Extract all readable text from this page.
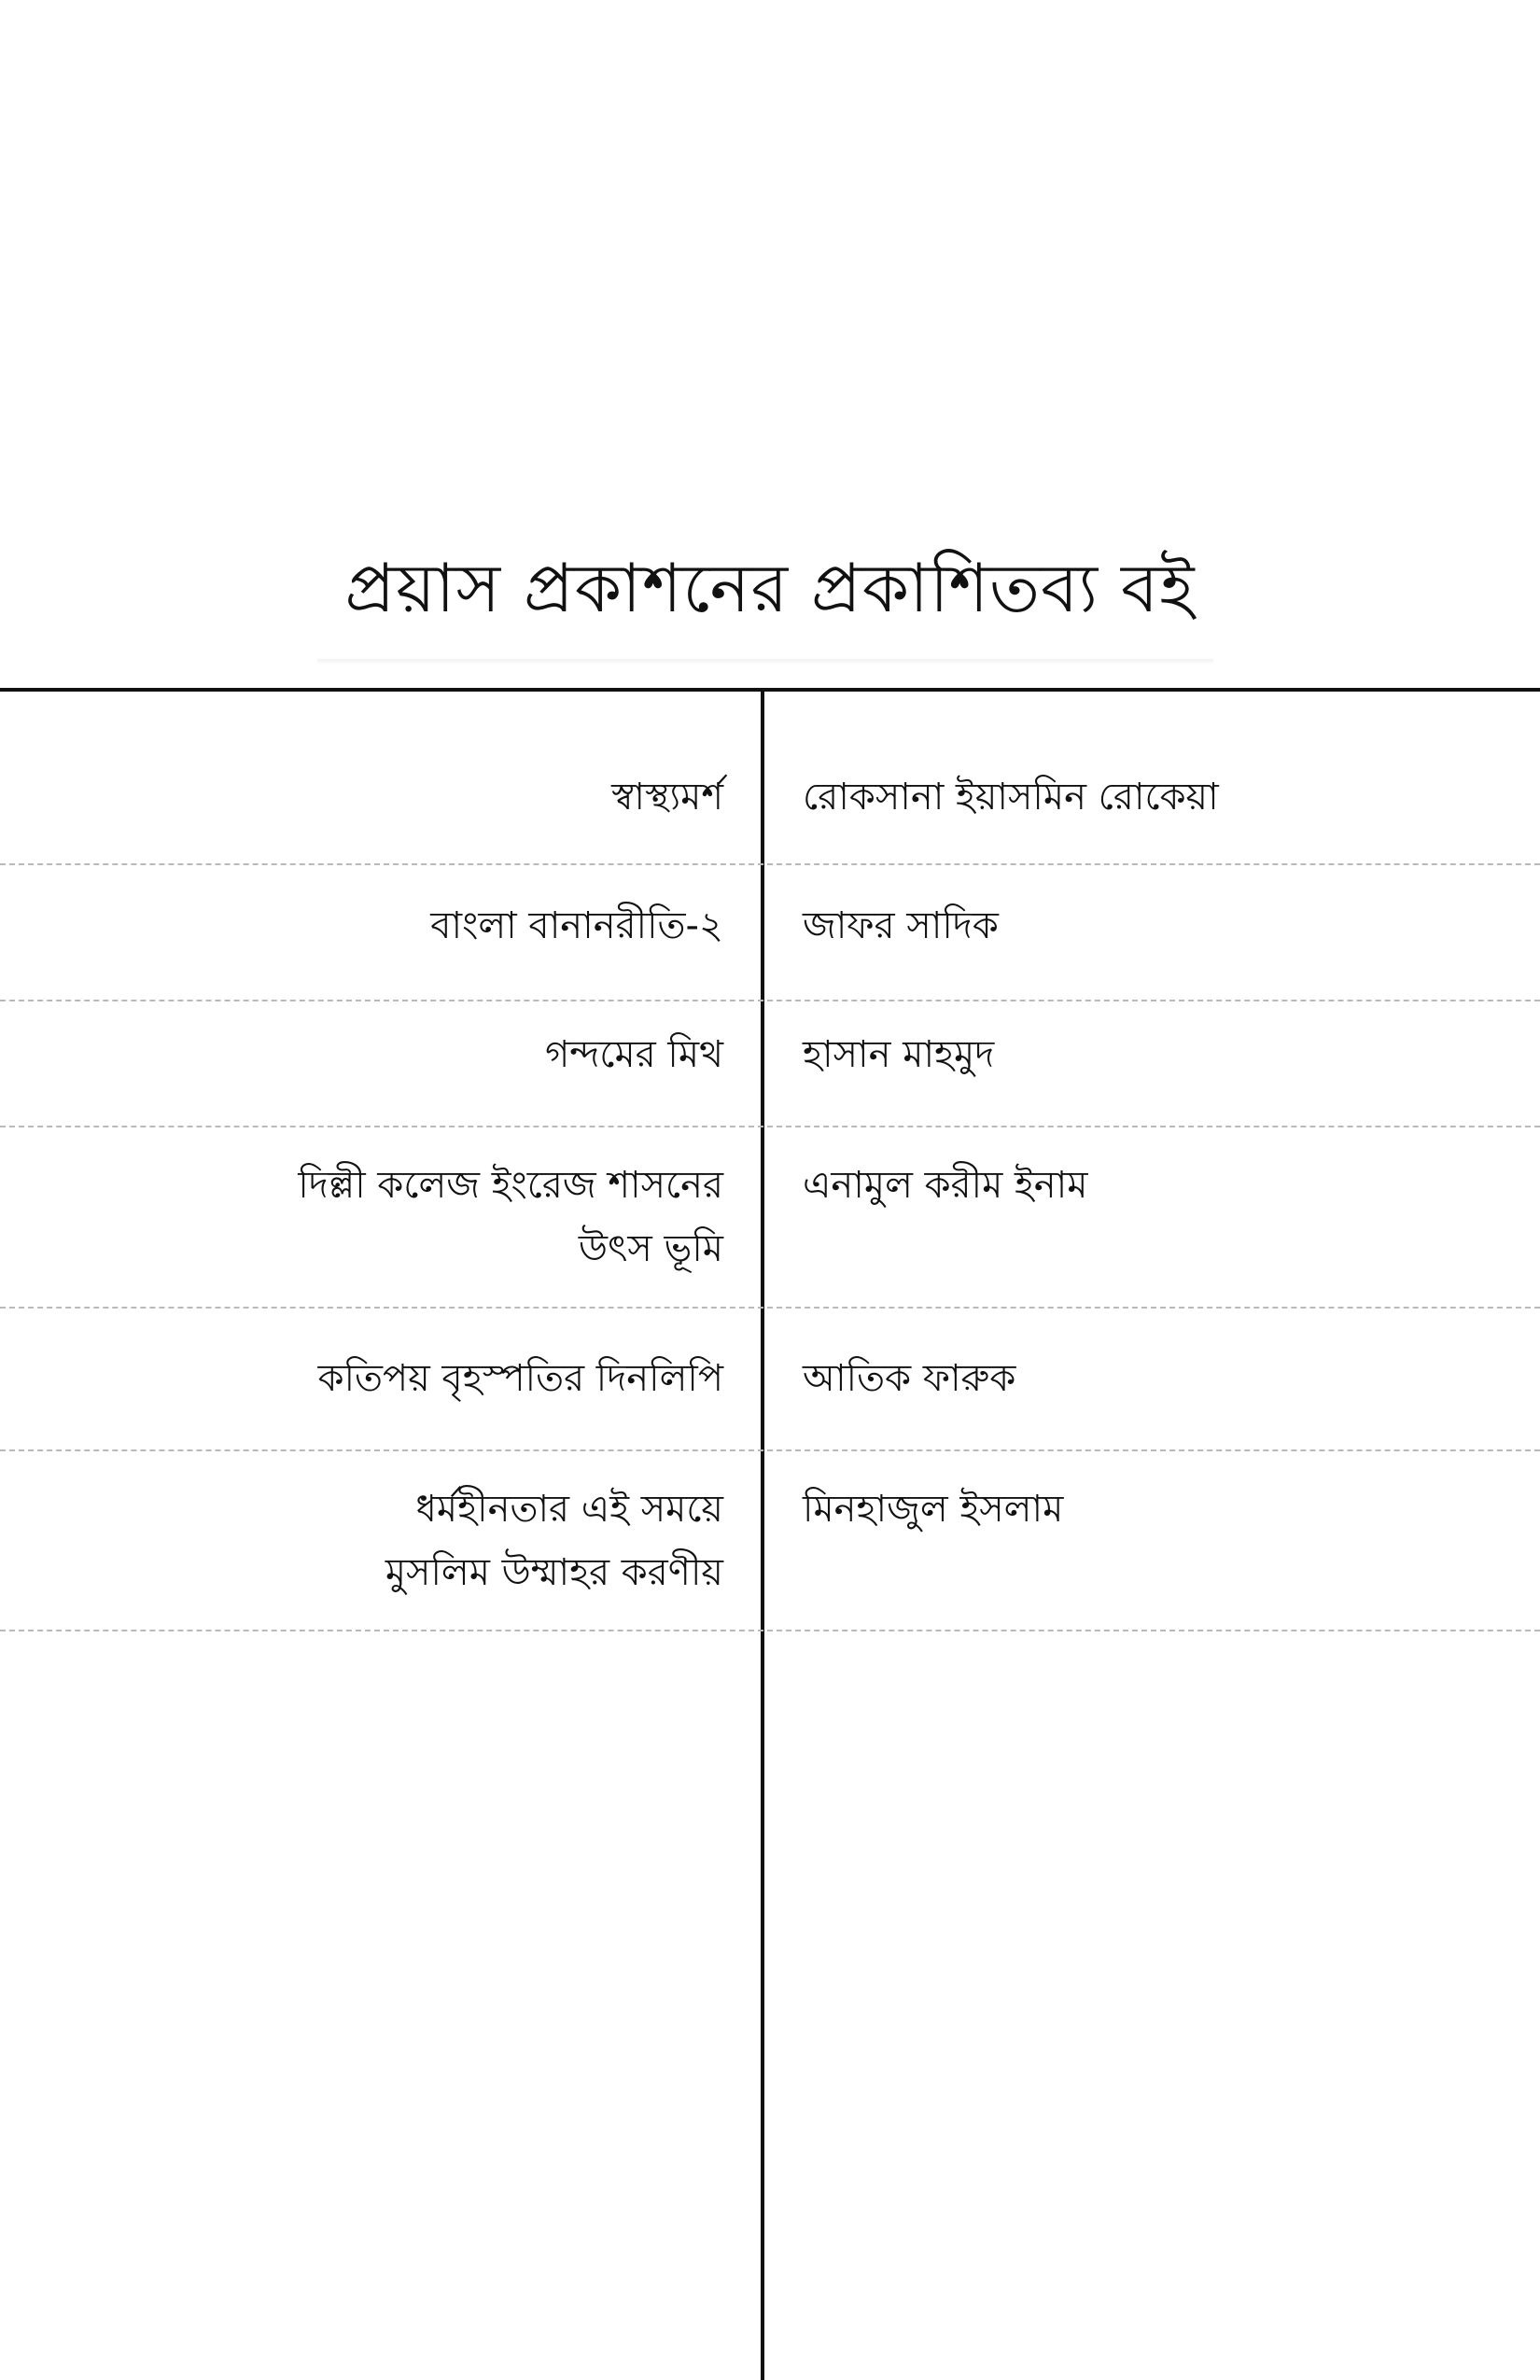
প্রয়াস প্রকাশনের প্রকাশিতব্য বই
স্বাস্থ্যমর্শ রোকসানা ইয়াসমিন রোকেয়া
বাংলা বানানরীতি-২ জাফর সাদিক
গন্দমের মিথ হাসান মাহমুদ
দিল্লী কলেজ ইংরেজ শাসনের
উৎস ভূমি
এনামুল করীম ইনাম
কতিপয় বৃহস্পতির দিনলিপি আতিক ফারুক
ধর্মহীনতার এই সময়ে
মুসলিম উম্মাহর করণীয়
মিনহাজুল ইসলাম
